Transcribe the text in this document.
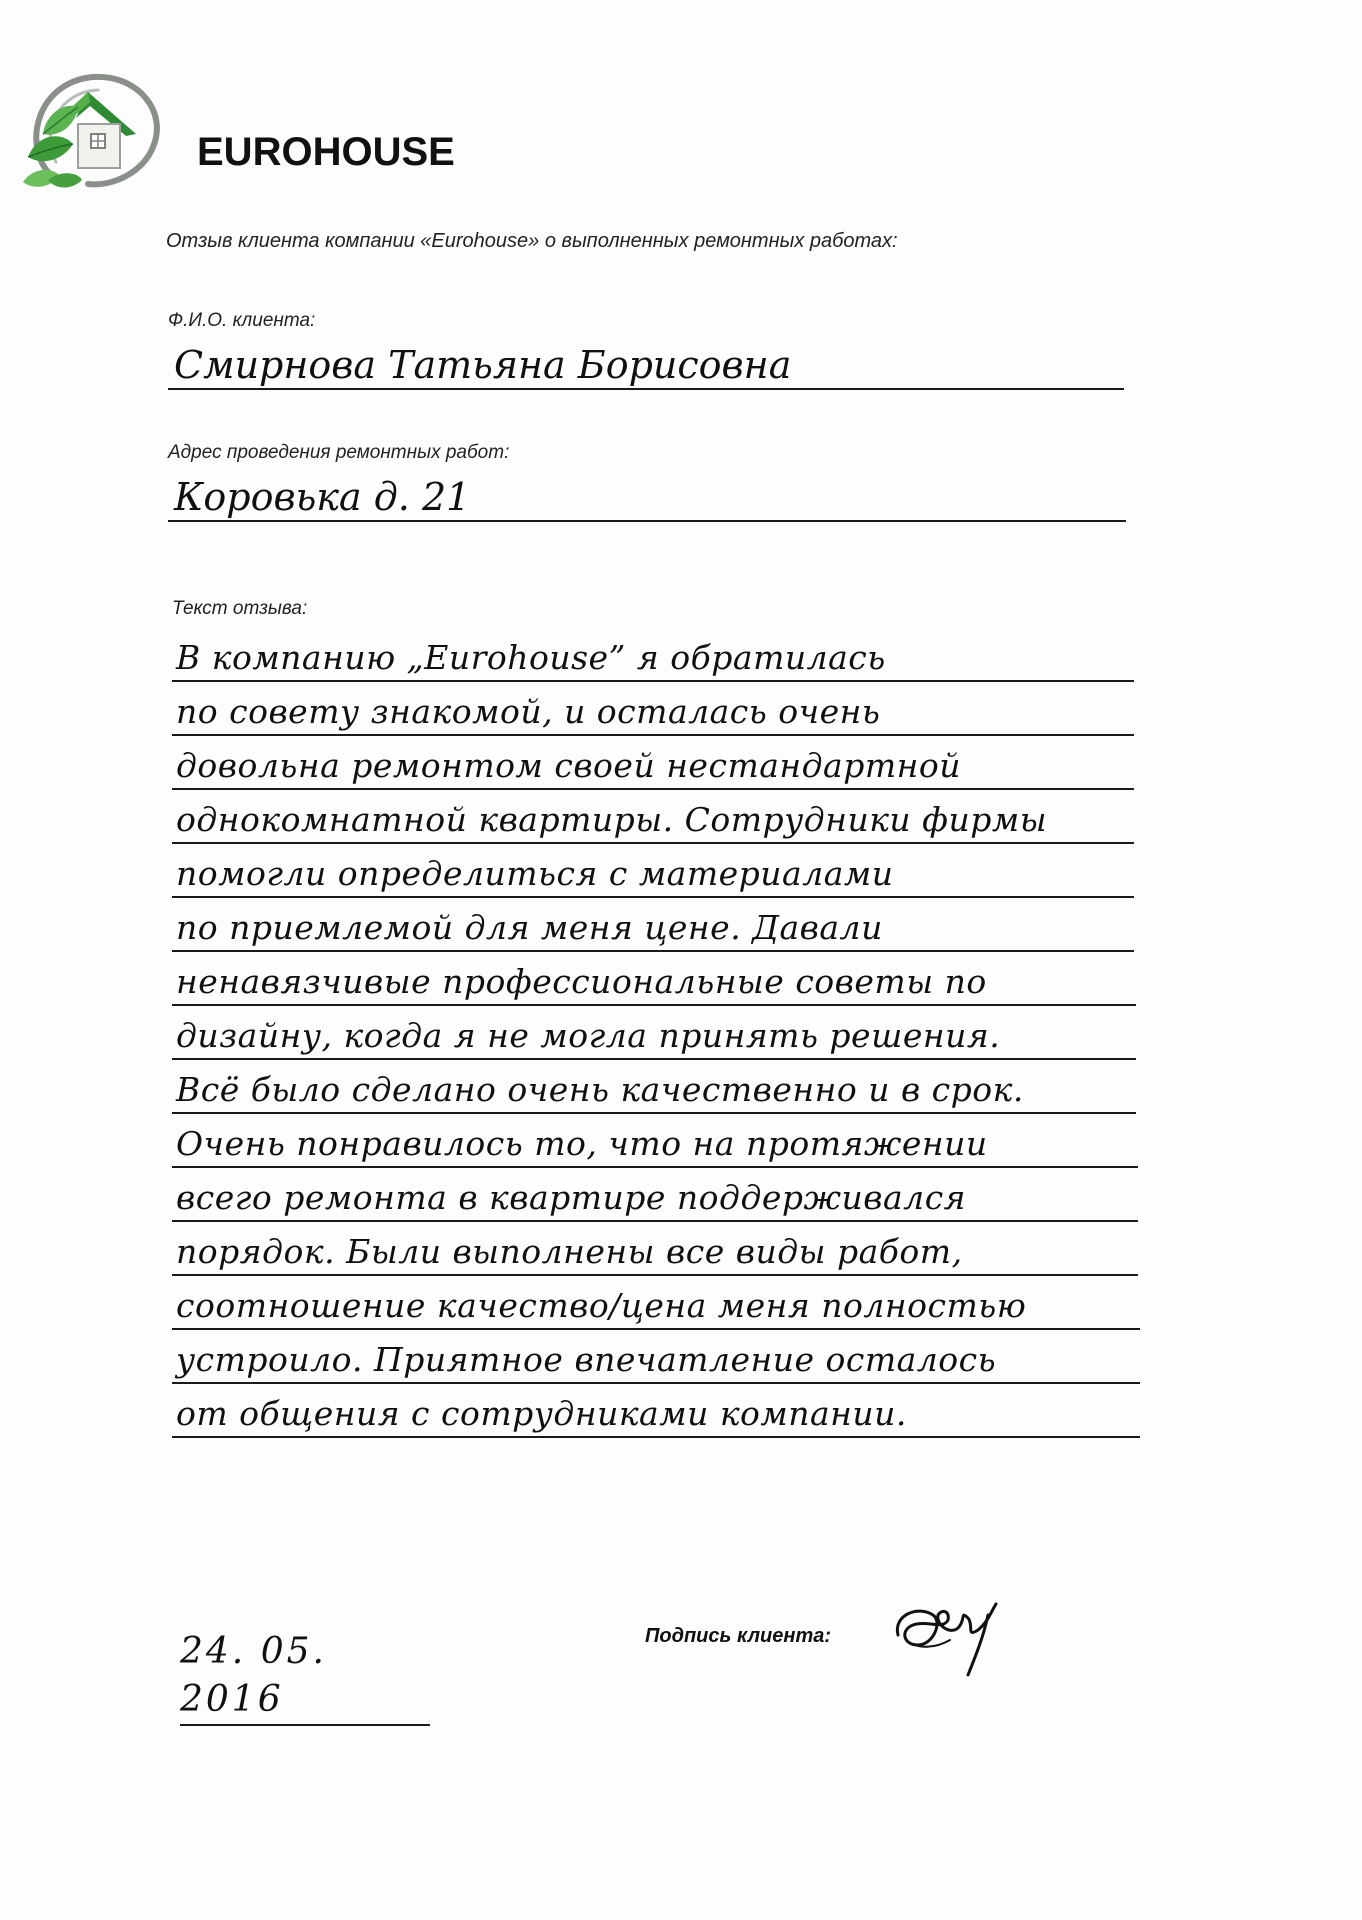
EUROHOUSE
Отзыв клиента компании «Eurohouse» о выполненных ремонтных работах:
Ф.И.О. клиента:
Смирнова Татьяна Борисовна
Адрес проведения ремонтных работ:
Коровька д. 21
Текст отзыва:
В компанию „Eurohouse” я обратилась
по совету знакомой, и осталась очень
довольна ремонтом своей нестандартной
однокомнатной квартиры. Сотрудники фирмы
помогли определиться с материалами
по приемлемой для меня цене. Давали
ненавязчивые профессиональные советы по
дизайну, когда я не могла принять решения.
Всё было сделано очень качественно и в срок.
Очень понравилось то, что на протяжении
всего ремонта в квартире поддерживался
порядок. Были выполнены все виды работ,
соотношение качество/цена меня полностью
устроило. Приятное впечатление осталось
от общения с сотрудниками компании.
24. 05. 2016
Подпись клиента:
